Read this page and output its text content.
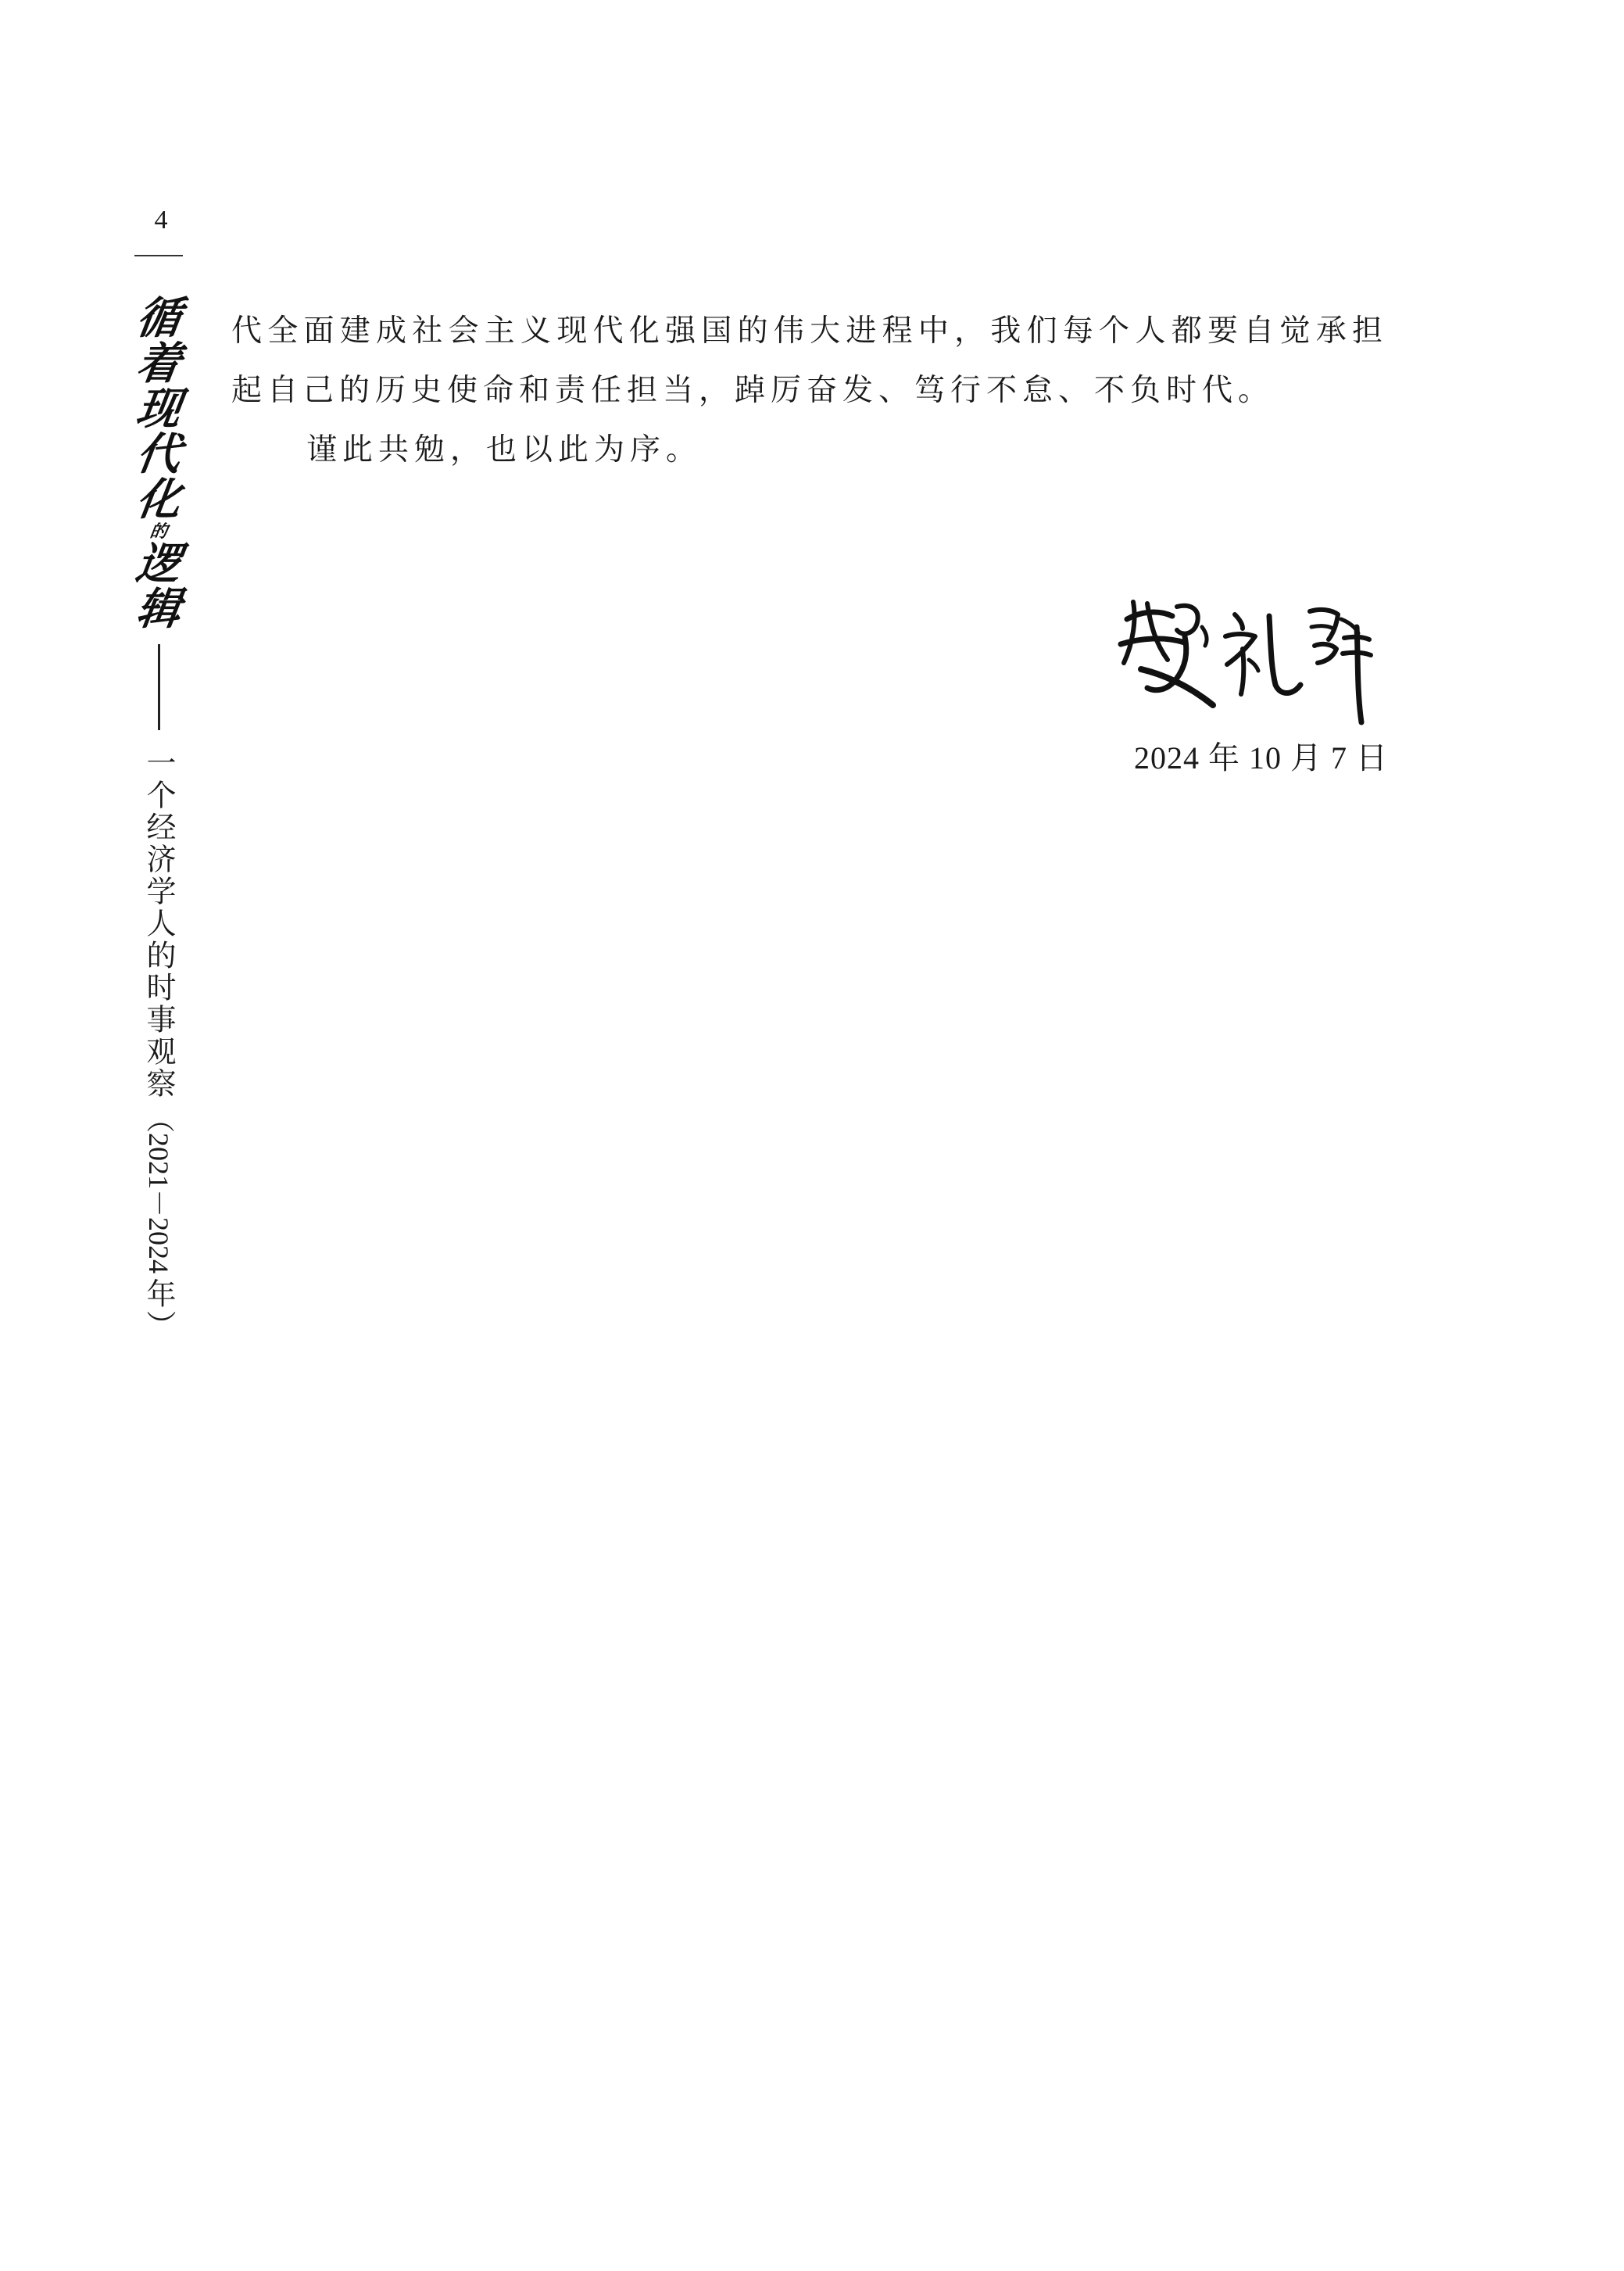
4
循
着
现
代
化
的
逻
辑
一个经济学人的时事观察
（2021－2024
年）

代全面建成社会主义现代化强国的伟大进程中，我们每个人都要自觉承担起自己的历史使命和责任担当，踔厉奋发、笃行不怠、不负时代。

谨此共勉，也以此为序。

2024 年 10 月 7 日
